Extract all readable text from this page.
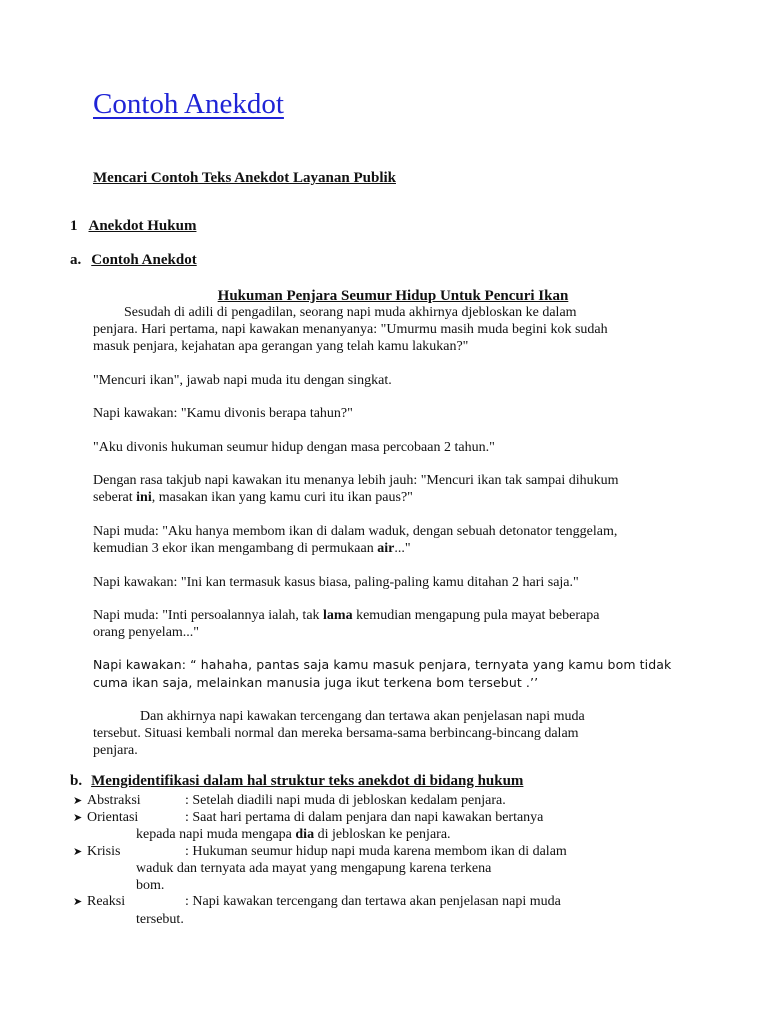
Contoh Anekdot
Mencari Contoh Teks Anekdot Layanan Publik
1 Anekdot Hukum
a. Contoh Anekdot
Hukuman Penjara Seumur Hidup Untuk Pencuri Ikan
Sesudah di adili di pengadilan, seorang napi muda akhirnya djebloskan ke dalam
penjara. Hari pertama, napi kawakan menanyanya: "Umurmu masih muda begini kok sudah
masuk penjara, kejahatan apa gerangan yang telah kamu lakukan?"
"Mencuri ikan", jawab napi muda itu dengan singkat.
Napi kawakan: "Kamu divonis berapa tahun?"
"Aku divonis hukuman seumur hidup dengan masa percobaan 2 tahun."
Dengan rasa takjub napi kawakan itu menanya lebih jauh: "Mencuri ikan tak sampai dihukum
seberat ini, masakan ikan yang kamu curi itu ikan paus?"
Napi muda: "Aku hanya membom ikan di dalam waduk, dengan sebuah detonator tenggelam,
kemudian 3 ekor ikan mengambang di permukaan air..."
Napi kawakan: "Ini kan termasuk kasus biasa, paling-paling kamu ditahan 2 hari saja."
Napi muda: "Inti persoalannya ialah, tak lama kemudian mengapung pula mayat beberapa
orang penyelam..."
Napi kawakan: “ hahaha, pantas saja kamu masuk penjara, ternyata yang kamu bom tidak
cuma ikan saja, melainkan manusia juga ikut terkena bom tersebut .’’
Dan akhirnya napi kawakan tercengang dan tertawa akan penjelasan napi muda
tersebut. Situasi kembali normal dan mereka bersama-sama berbincang-bincang dalam
penjara.
b. Mengidentifikasi dalam hal struktur teks anekdot di bidang hukum
➤ Abstraksi	: Setelah diadili napi muda di jebloskan kedalam penjara.
➤ Orientasi	: Saat hari pertama di dalam penjara dan napi kawakan bertanya
kepada napi muda mengapa dia di jebloskan ke penjara.
➤ Krisis	: Hukuman seumur hidup napi muda karena membom ikan di dalam
waduk dan ternyata ada mayat yang mengapung karena terkena
bom.
➤ Reaksi	: Napi kawakan tercengang dan tertawa akan penjelasan napi muda
tersebut.
